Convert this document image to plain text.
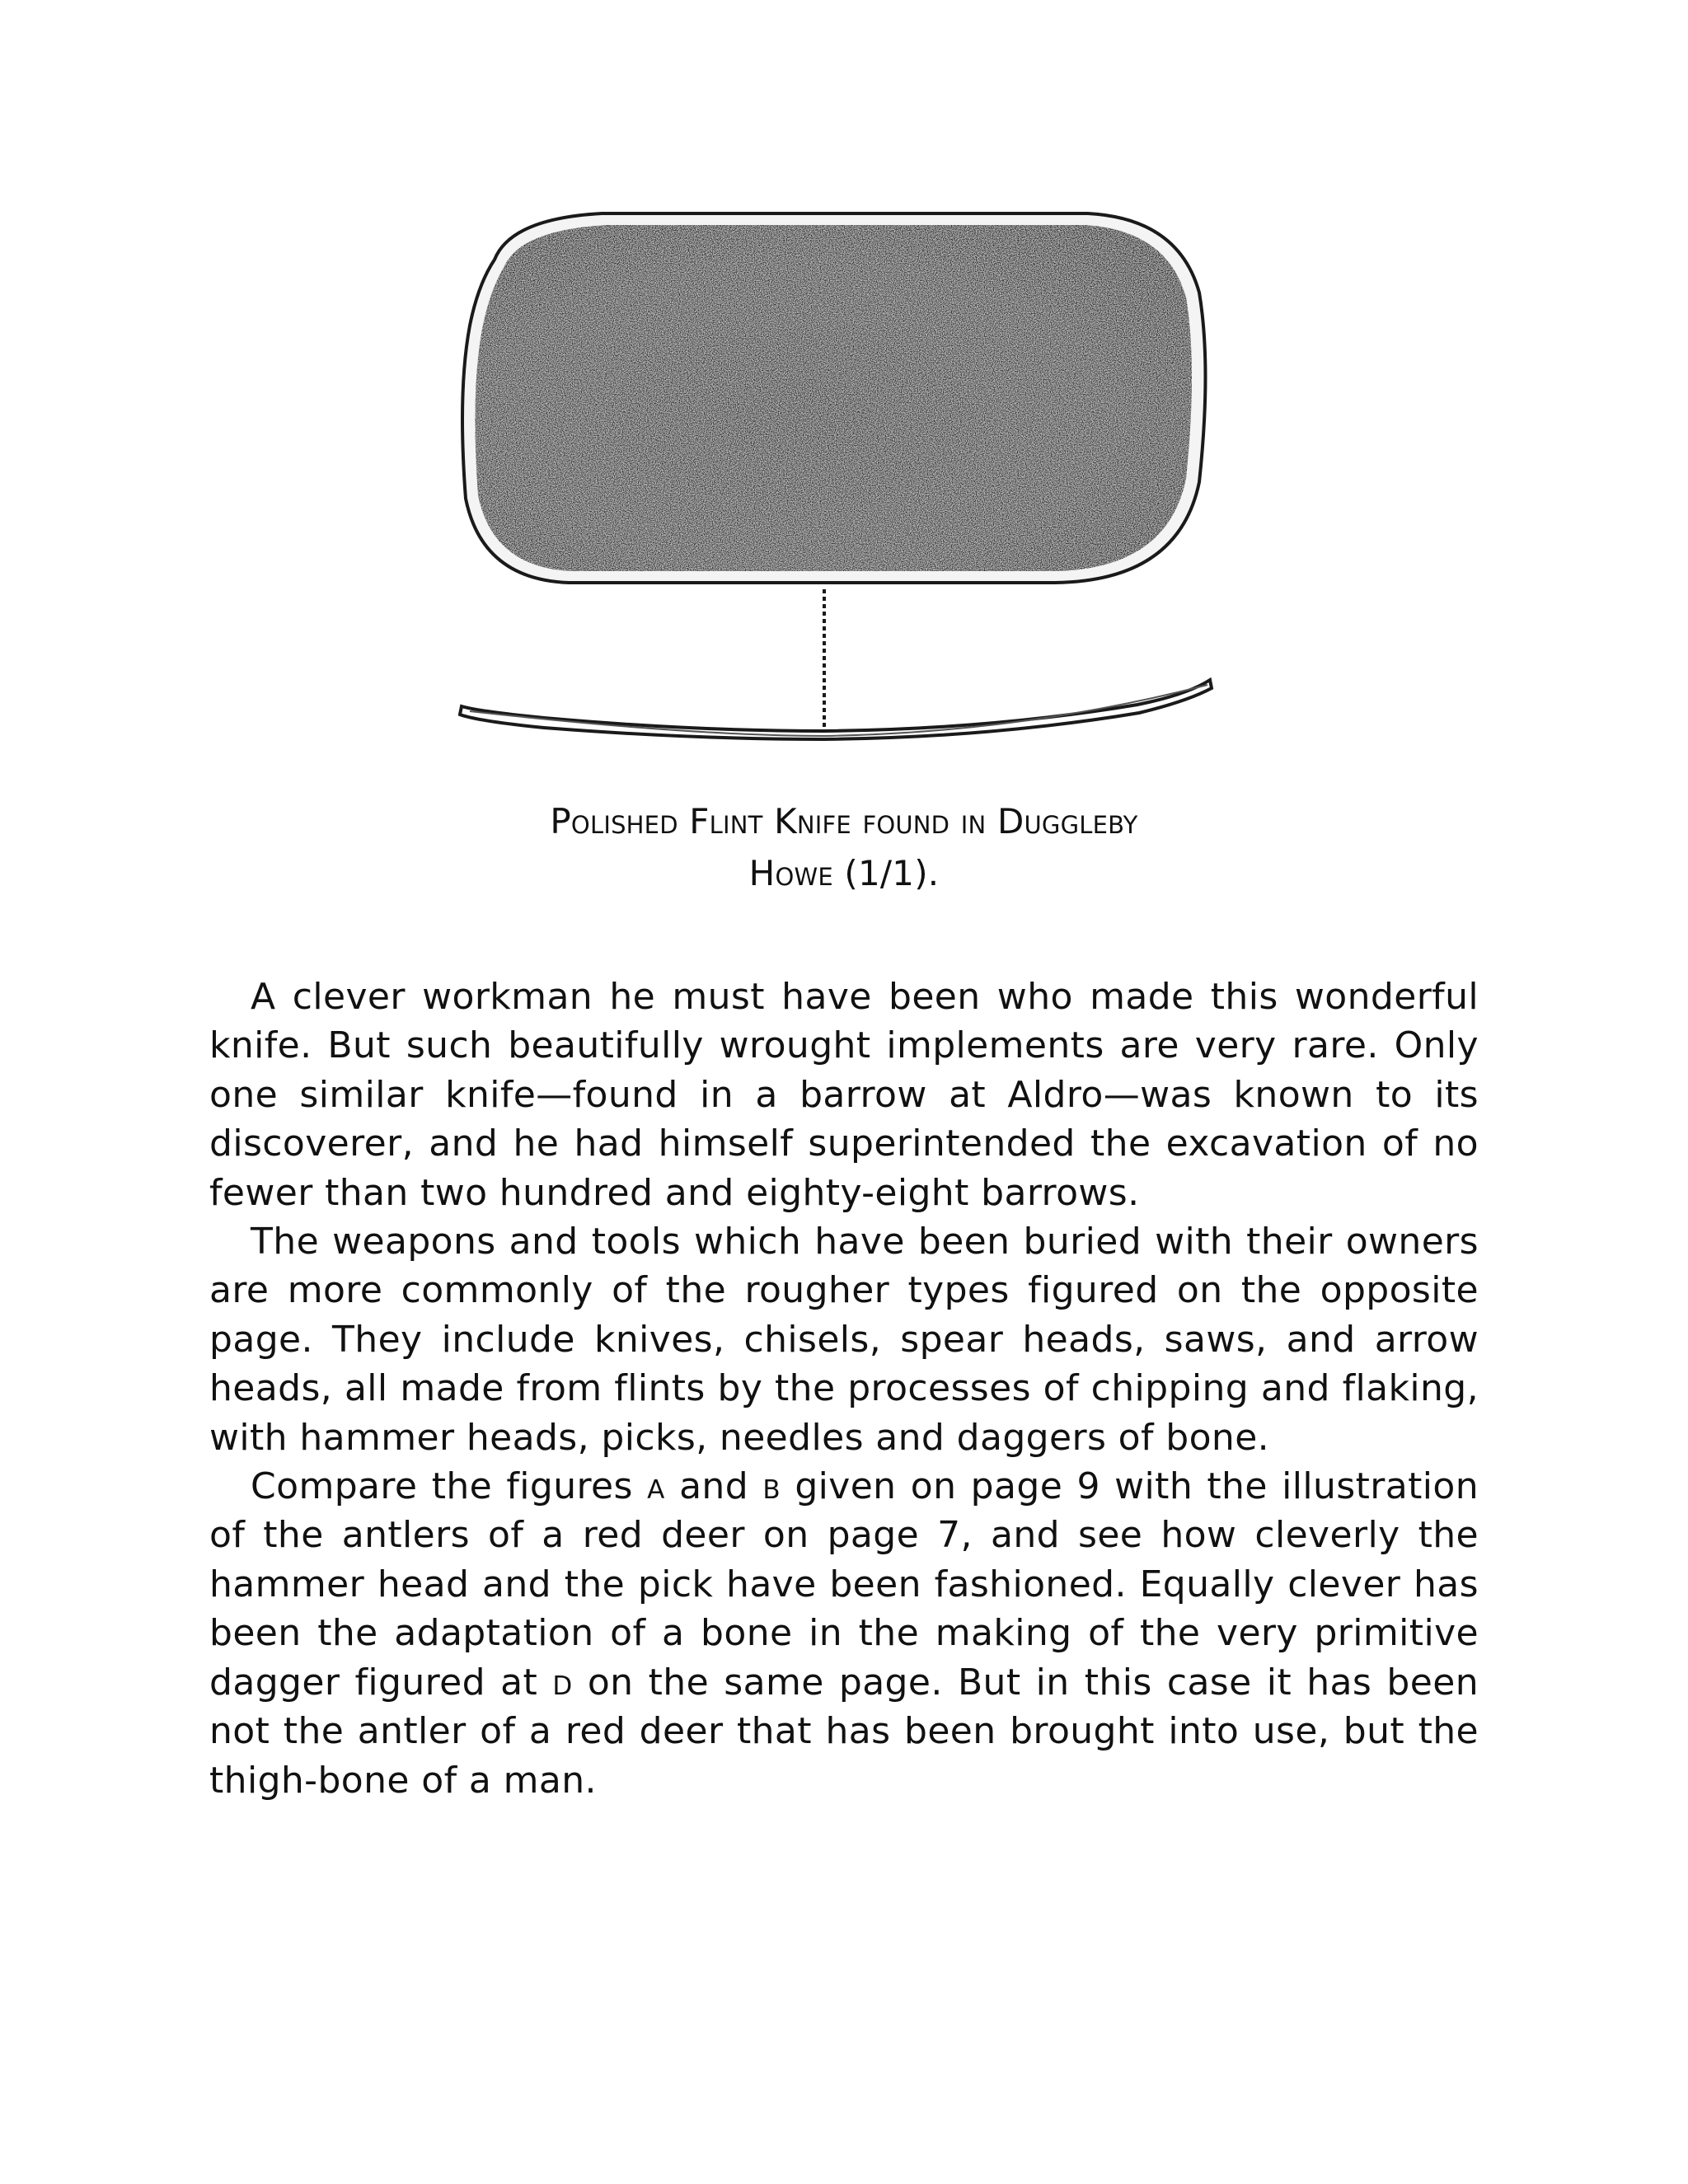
Polished Flint Knife found in Duggleby
Howe (1/1).

A clever workman he must have been who made this wonderful knife. But such beautifully wrought implements are very rare. Only one similar knife—found in a barrow at Aldro—was known to its discoverer, and he had himself superintended the excavation of no fewer than two hundred and eighty-eight barrows.

The weapons and tools which have been buried with their owners are more commonly of the rougher types figured on the opposite page. They include knives, chisels, spear heads, saws, and arrow heads, all made from flints by the processes of chipping and flaking, with hammer heads, picks, needles and daggers of bone.

Compare the figures a and b given on page 9 with the illustration of the antlers of a red deer on page 7, and see how cleverly the hammer head and the pick have been fashioned. Equally clever has been the adaptation of a bone in the making of the very primitive dagger figured at d on the same page. But in this case it has been not the antler of a red deer that has been brought into use, but the thigh-bone of a man.
